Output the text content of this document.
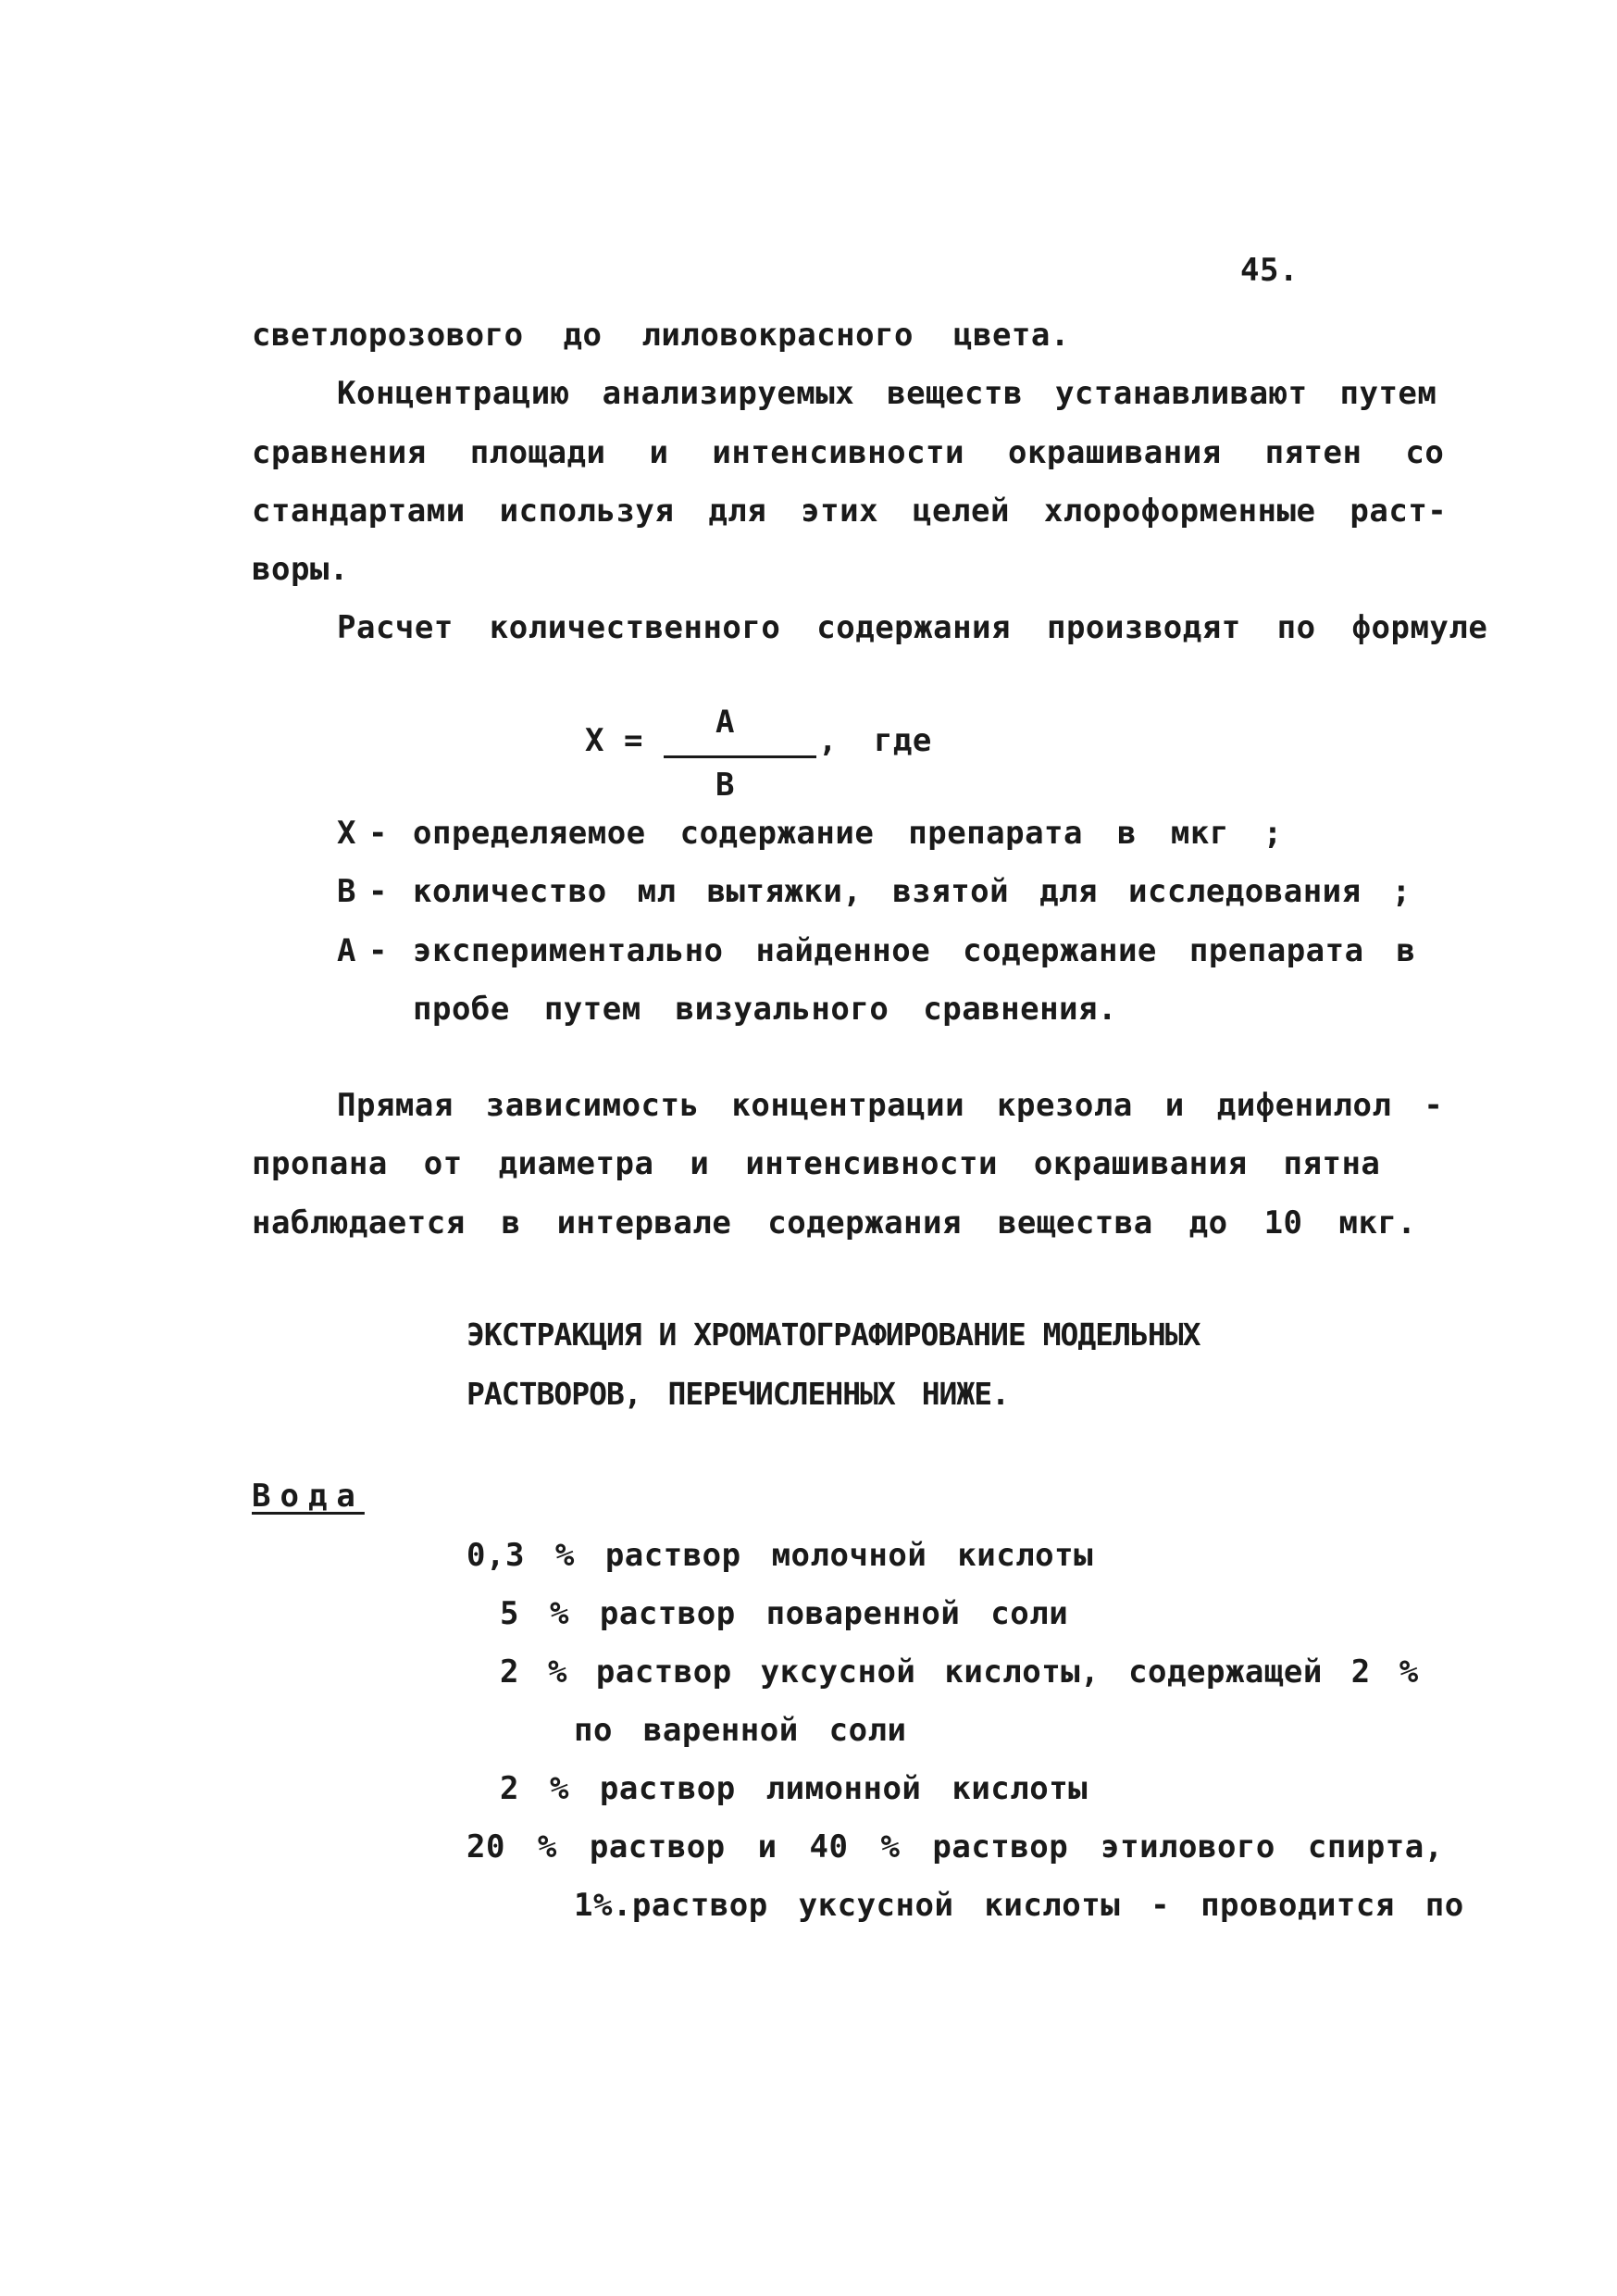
45.
светлорозового до лиловокрасного цвета.
Концентрацию анализируемых веществ устанавливают путем
сравнения площади и интенсивности окрашивания пятен со
стандартами используя для этих целей хлороформенные раст-
воры.
Расчет количественного содержания производят по формуле
X = A	, где
B
X - определяемое содержание прeпарата в мкг ;
B - количество мл вытяжки, взятой для исследования ;
A - экспериментально найденное содержание препарата в
пробе путем визуального сравнения.
Прямая зависимость концентрации крезола и дифенилол -
пропана от диаметра и интенсивности окрашивания пятна
наблюдается в интервале содержания вещества до 10 мкг.
ЭКСТРАКЦИЯ И ХРОМАТОГРАФИРОВАНИЕ МОДЕЛЬНЫХ
РАСТВОРОВ, ПЕРЕЧИСЛЕННЫХ НИЖЕ.
Вода
0,3 % раствор молочной кислоты
5 % раствор поваренной соли
2 % раствор уксусной кислоты, содержащей 2 %
по варенной соли
2 % раствор лимонной кислоты
20 % раствор и 40 % раствор этилового спирта,
1%.раствор уксусной кислоты - проводится по
